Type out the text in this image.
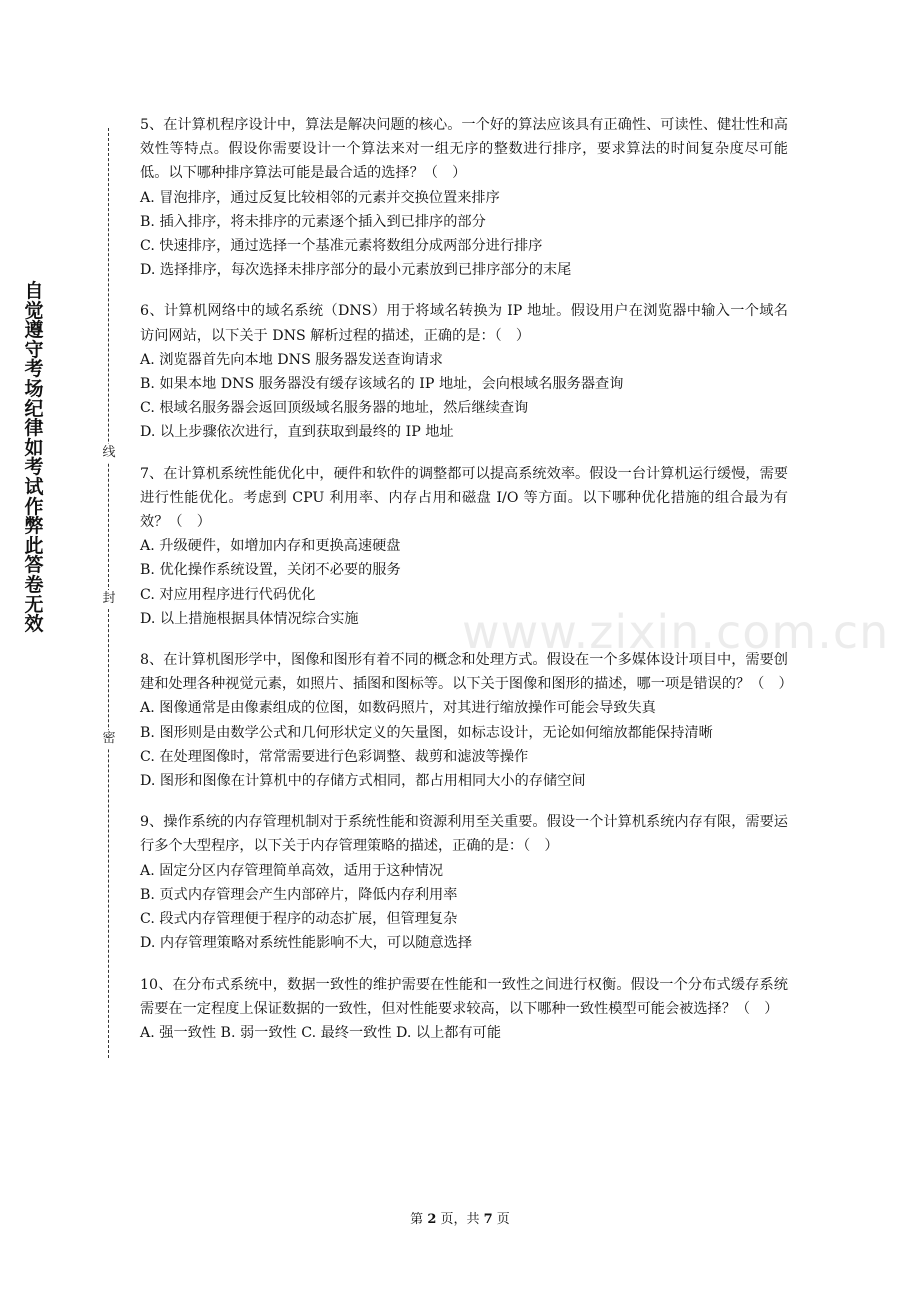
自觉遵守考场纪律如考试作弊此答卷无效
线
封
密
www.zixin.com.cn

5、在计算机程序设计中，算法是解决问题的核心。一个好的算法应该具有正确性、可读性、健壮性和高效性等特点。假设你需要设计一个算法来对一组无序的整数进行排序，要求算法的时间复杂度尽可能低。以下哪种排序算法可能是最合适的选择？（　）

A. 冒泡排序，通过反复比较相邻的元素并交换位置来排序

B. 插入排序，将未排序的元素逐个插入到已排序的部分

C. 快速排序，通过选择一个基准元素将数组分成两部分进行排序

D. 选择排序，每次选择未排序部分的最小元素放到已排序部分的末尾

6、计算机网络中的域名系统（DNS）用于将域名转换为 IP 地址。假设用户在浏览器中输入一个域名访问网站，以下关于 DNS 解析过程的描述，正确的是：（　）

A. 浏览器首先向本地 DNS 服务器发送查询请求

B. 如果本地 DNS 服务器没有缓存该域名的 IP 地址，会向根域名服务器查询

C. 根域名服务器会返回顶级域名服务器的地址，然后继续查询

D. 以上步骤依次进行，直到获取到最终的 IP 地址

7、在计算机系统性能优化中，硬件和软件的调整都可以提高系统效率。假设一台计算机运行缓慢，需要进行性能优化。考虑到 CPU 利用率、内存占用和磁盘 I/O 等方面。以下哪种优化措施的组合最为有效？（　）

A. 升级硬件，如增加内存和更换高速硬盘

B. 优化操作系统设置，关闭不必要的服务

C. 对应用程序进行代码优化

D. 以上措施根据具体情况综合实施

8、在计算机图形学中，图像和图形有着不同的概念和处理方式。假设在一个多媒体设计项目中，需要创建和处理各种视觉元素，如照片、插图和图标等。以下关于图像和图形的描述，哪一项是错误的？（　）

A. 图像通常是由像素组成的位图，如数码照片，对其进行缩放操作可能会导致失真

B. 图形则是由数学公式和几何形状定义的矢量图，如标志设计，无论如何缩放都能保持清晰

C. 在处理图像时，常常需要进行色彩调整、裁剪和滤波等操作

D. 图形和图像在计算机中的存储方式相同，都占用相同大小的存储空间

9、操作系统的内存管理机制对于系统性能和资源利用至关重要。假设一个计算机系统内存有限，需要运行多个大型程序，以下关于内存管理策略的描述，正确的是：（　）

A. 固定分区内存管理简单高效，适用于这种情况

B. 页式内存管理会产生内部碎片，降低内存利用率

C. 段式内存管理便于程序的动态扩展，但管理复杂

D. 内存管理策略对系统性能影响不大，可以随意选择

10、在分布式系统中，数据一致性的维护需要在性能和一致性之间进行权衡。假设一个分布式缓存系统需要在一定程度上保证数据的一致性，但对性能要求较高，以下哪种一致性模型可能会被选择？（　）

A. 强一致性 B. 弱一致性 C. 最终一致性 D. 以上都有可能

第 2 页，共 7 页
